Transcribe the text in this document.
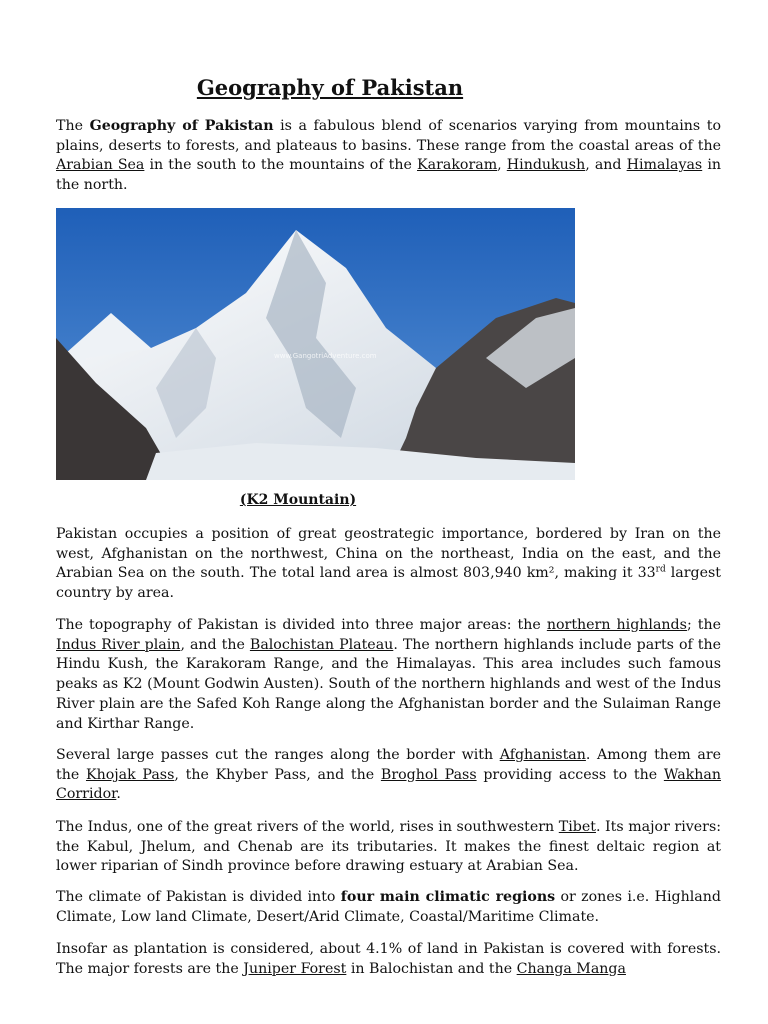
Geography of Pakistan

The Geography of Pakistan is a fabulous blend of scenarios varying from mountains to plains, deserts to forests, and plateaus to basins. These range from the coastal areas of the Arabian Sea in the south to the mountains of the Karakoram, Hindukush, and Himalayas in the north.

www.GangotriAdventure.com

(K2 Mountain)

Pakistan occupies a position of great geostrategic importance, bordered by Iran on the west, Afghanistan on the northwest, China on the northeast, India on the east, and the Arabian Sea on the south. The total land area is almost 803,940 km², making it 33rd largest country by area.

The topography of Pakistan is divided into three major areas: the northern highlands; the Indus River plain, and the Balochistan Plateau. The northern highlands include parts of the Hindu Kush, the Karakoram Range, and the Himalayas. This area includes such famous peaks as K2 (Mount Godwin Austen). South of the northern highlands and west of the Indus River plain are the Safed Koh Range along the Afghanistan border and the Sulaiman Range and Kirthar Range.

Several large passes cut the ranges along the border with Afghanistan. Among them are the Khojak Pass, the Khyber Pass, and the Broghol Pass providing access to the Wakhan Corridor.

The Indus, one of the great rivers of the world, rises in southwestern Tibet. Its major rivers: the Kabul, Jhelum, and Chenab are its tributaries. It makes the finest deltaic region at lower riparian of Sindh province before drawing estuary at Arabian Sea.

The climate of Pakistan is divided into four main climatic regions or zones i.e. Highland Climate, Low land Climate, Desert/Arid Climate, Coastal/Maritime Climate.

Insofar as plantation is considered, about 4.1% of land in Pakistan is covered with forests. The major forests are the Juniper Forest in Balochistan and the Changa Manga
